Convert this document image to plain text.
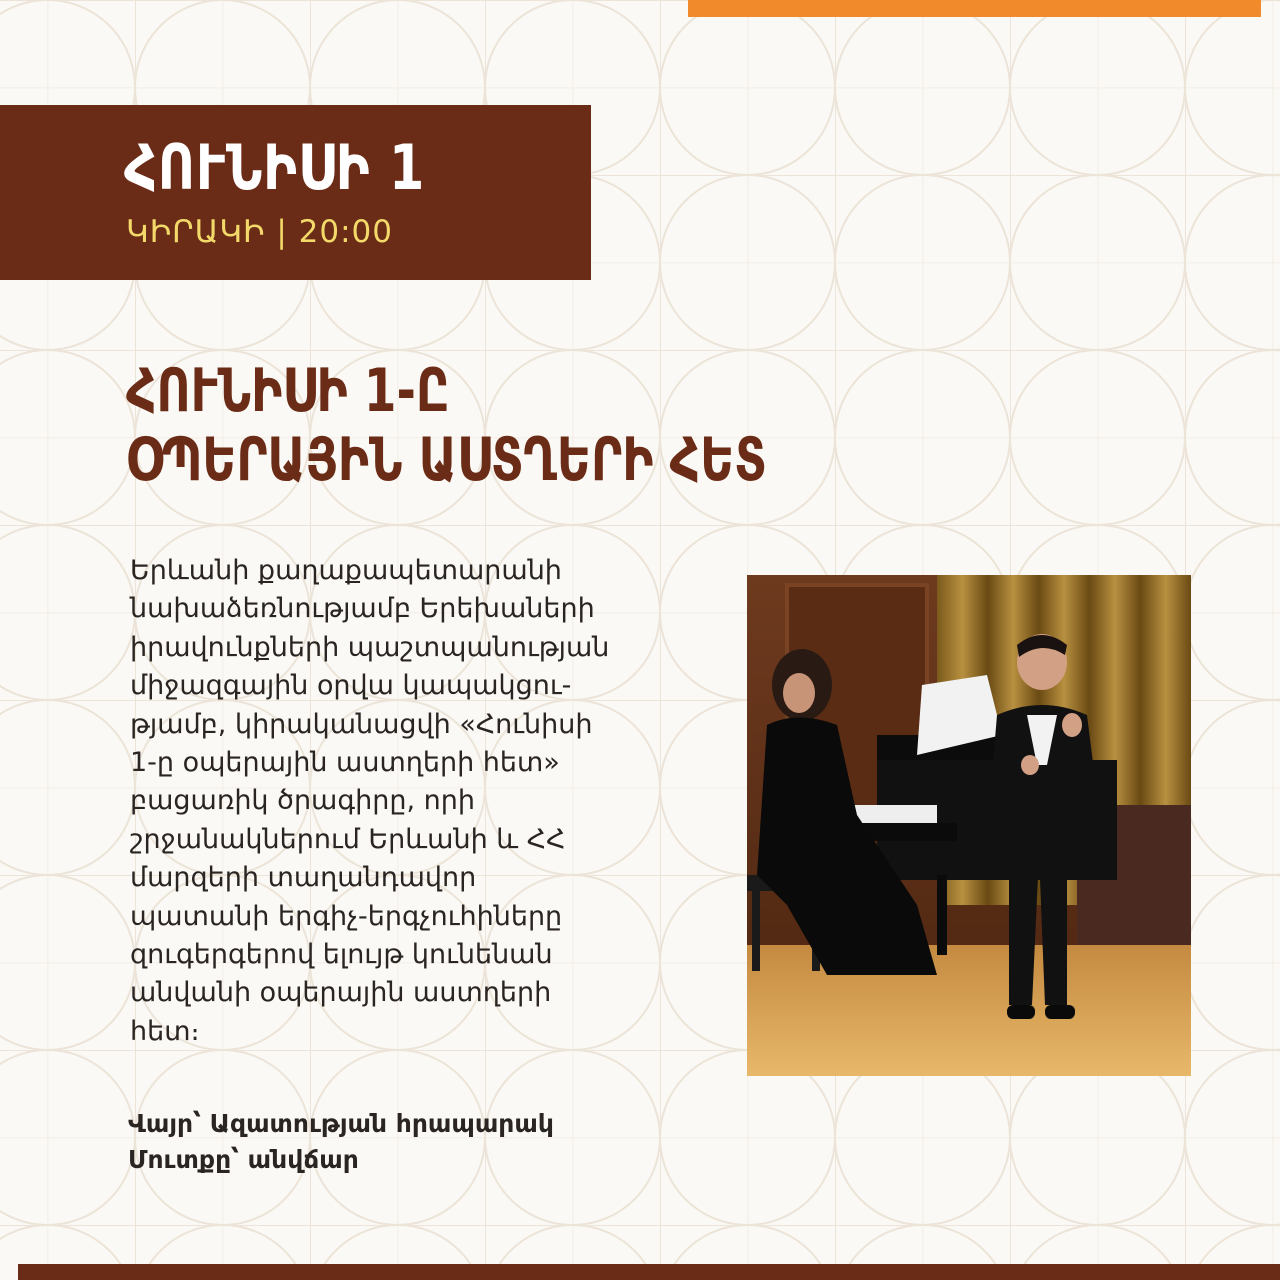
ՀՈՒՆԻՍԻ 1
ԿԻՐԱԿԻ | 20:00
ՀՈՒՆԻՍԻ 1-Ը
ՕՊԵՐԱՅԻՆ ԱՍՏՂԵՐԻ ՀԵՏ
Երևանի քաղաքապետարանի
նախաձեռնությամբ Երեխաների
իրավունքների պաշտպանության
միջազգային օրվա կապակցու-
թյամբ, կիրականացվի «Հունիսի
1-ը օպերային աստղերի հետ»
բացառիկ ծրագիրը, որի
շրջանակներում Երևանի և ՀՀ
մարզերի տաղանդավոր
պատանի երգիչ-երգչուհիները
զուգերգերով ելույթ կունենան
անվանի օպերային աստղերի
հետ։
Վայր՝ Ազատության հրապարակ
Մուտքը՝ անվճար
